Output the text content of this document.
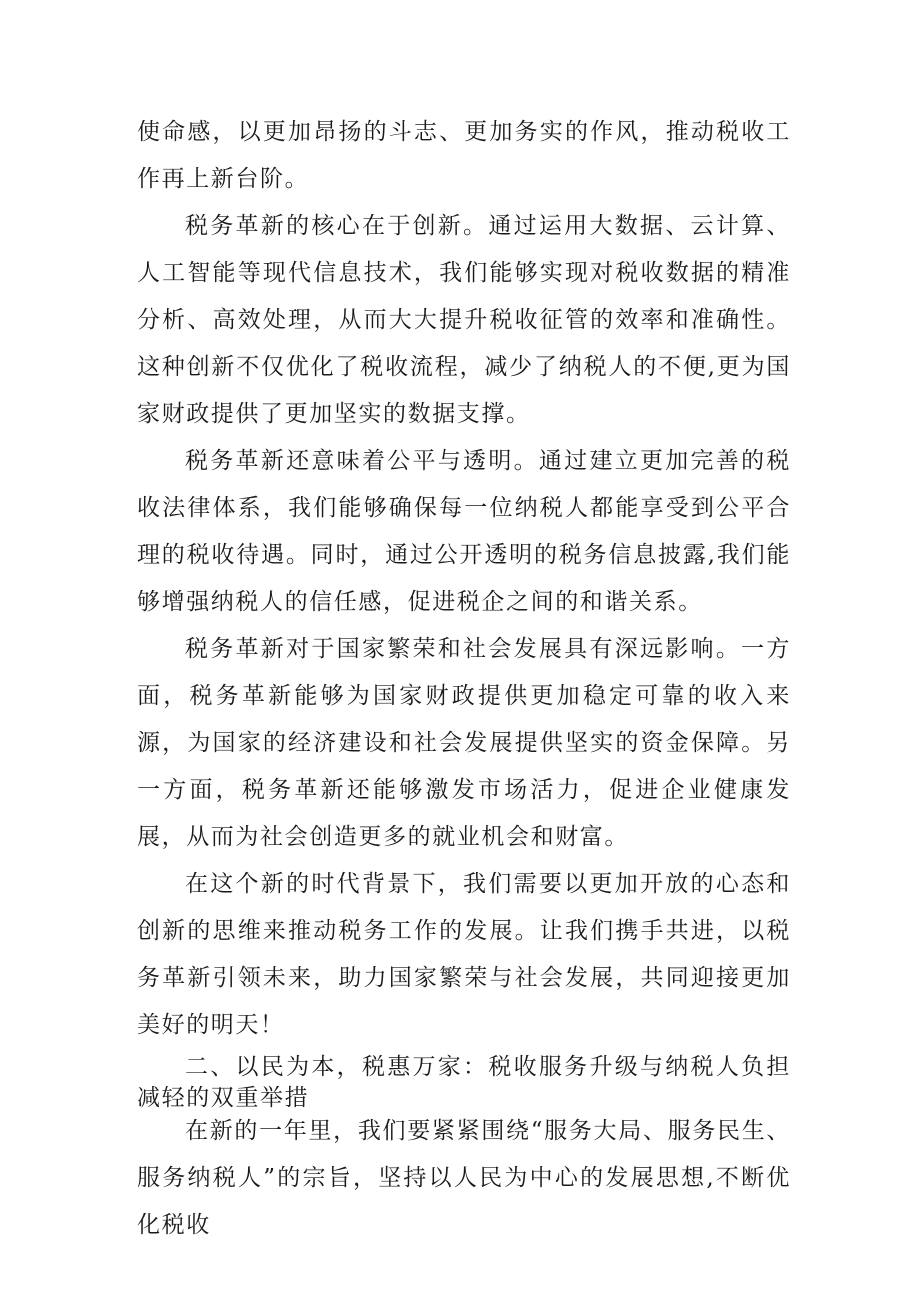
使命感，以更加昂扬的斗志、更加务实的作风，推动税收工作再上新台阶。

税务革新的核心在于创新。通过运用大数据、云计算、人工智能等现代信息技术，我们能够实现对税收数据的精准分析、高效处理，从而大大提升税收征管的效率和准确性。这种创新不仅优化了税收流程，减少了纳税人的不便,更为国家财政提供了更加坚实的数据支撑。

税务革新还意味着公平与透明。通过建立更加完善的税收法律体系，我们能够确保每一位纳税人都能享受到公平合理的税收待遇。同时，通过公开透明的税务信息披露,我们能够增强纳税人的信任感，促进税企之间的和谐关系。

税务革新对于国家繁荣和社会发展具有深远影响。一方面，税务革新能够为国家财政提供更加稳定可靠的收入来源，为国家的经济建设和社会发展提供坚实的资金保障。另一方面，税务革新还能够激发市场活力，促进企业健康发展，从而为社会创造更多的就业机会和财富。

在这个新的时代背景下，我们需要以更加开放的心态和创新的思维来推动税务工作的发展。让我们携手共进，以税务革新引领未来，助力国家繁荣与社会发展，共同迎接更加美好的明天！

二、以民为本，税惠万家：税收服务升级与纳税人负担减轻的双重举措

在新的一年里，我们要紧紧围绕“服务大局、服务民生、服务纳税人”的宗旨，坚持以人民为中心的发展思想,不断优化税收
